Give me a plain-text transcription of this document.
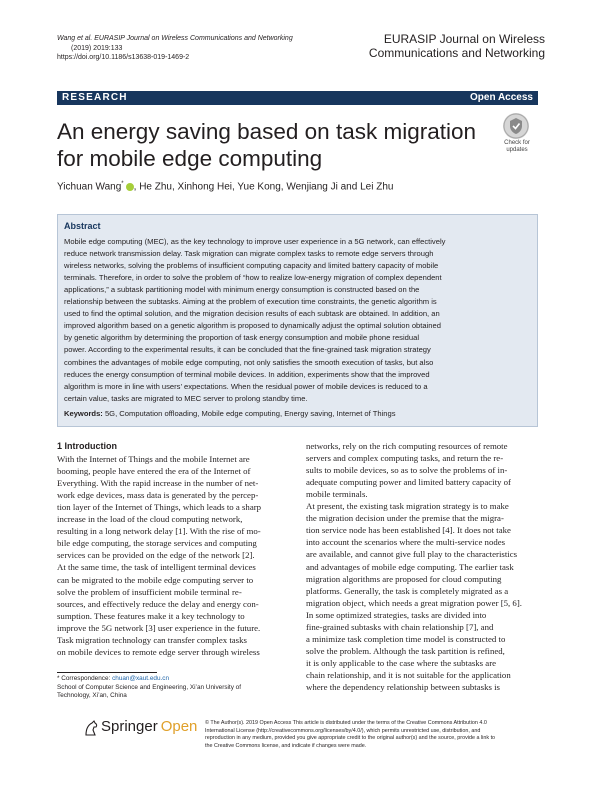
Wang et al. EURASIP Journal on Wireless Communications and Networking
(2019) 2019:133
https://doi.org/10.1186/s13638-019-1469-2
EURASIP Journal on Wireless
Communications and Networking
RESEARCH	Open Access
An energy saving based on task migration
for mobile edge computing
Check for
updates
Yichuan Wang* , He Zhu, Xinhong Hei, Yue Kong, Wenjiang Ji and Lei Zhu
Abstract
Mobile edge computing (MEC), as the key technology to improve user experience in a 5G network, can effectively
reduce network transmission delay. Task migration can migrate complex tasks to remote edge servers through
wireless networks, solving the problems of insufficient computing capacity and limited battery capacity of mobile
terminals. Therefore, in order to solve the problem of “how to realize low-energy migration of complex dependent
applications,” a subtask partitioning model with minimum energy consumption is constructed based on the
relationship between the subtasks. Aiming at the problem of execution time constraints, the genetic algorithm is
used to find the optimal solution, and the migration decision results of each subtask are obtained. In addition, an
improved algorithm based on a genetic algorithm is proposed to dynamically adjust the optimal solution obtained
by genetic algorithm by determining the proportion of task energy consumption and mobile phone residual
power. According to the experimental results, it can be concluded that the fine-grained task migration strategy
combines the advantages of mobile edge computing, not only satisfies the smooth execution of tasks, but also
reduces the energy consumption of terminal mobile devices. In addition, experiments show that the improved
algorithm is more in line with users’ expectations. When the residual power of mobile devices is reduced to a
certain value, tasks are migrated to MEC server to prolong standby time.
Keywords: 5G, Computation offloading, Mobile edge computing, Energy saving, Internet of Things
1 Introduction
With the Internet of Things and the mobile Internet are
booming, people have entered the era of the Internet of
Everything. With the rapid increase in the number of net-
work edge devices, mass data is generated by the percep-
tion layer of the Internet of Things, which leads to a sharp
increase in the load of the cloud computing network,
resulting in a long network delay [1]. With the rise of mo-
bile edge computing, the storage services and computing
services can be provided on the edge of the network [2].
At the same time, the task of intelligent terminal devices
can be migrated to the mobile edge computing server to
solve the problem of insufficient mobile terminal re-
sources, and effectively reduce the delay and energy con-
sumption. These features make it a key technology to
improve the 5G network [3] user experience in the future.
Task migration technology can transfer complex tasks
on mobile devices to remote edge server through wireless
networks, rely on the rich computing resources of remote
servers and complex computing tasks, and return the re-
sults to mobile devices, so as to solve the problems of in-
adequate computing power and limited battery capacity of
mobile terminals.
At present, the existing task migration strategy is to make
the migration decision under the premise that the migra-
tion service node has been established [4]. It does not take
into account the scenarios where the multi-service nodes
are available, and cannot give full play to the characteristics
and advantages of mobile edge computing. The earlier task
migration algorithms are proposed for cloud computing
platforms. Generally, the task is completely migrated as a
migration object, which needs a great migration power [5, 6].
In some optimized strategies, tasks are divided into
fine-grained subtasks with chain relationship [7], and
a minimize task completion time model is constructed to
solve the problem. Although the task partition is refined,
it is only applicable to the case where the subtasks are
chain relationship, and it is not suitable for the application
where the dependency relationship between subtasks is
* Correspondence: chuan@xaut.edu.cn
School of Computer Science and Engineering, Xi’an University of
Technology, Xi’an, China
Springer Open © The Author(s). 2019 Open Access This article is distributed under the terms of the Creative Commons Attribution 4.0
International License (http://creativecommons.org/licenses/by/4.0/), which permits unrestricted use, distribution, and
reproduction in any medium, provided you give appropriate credit to the original author(s) and the source, provide a link to
the Creative Commons license, and indicate if changes were made.
